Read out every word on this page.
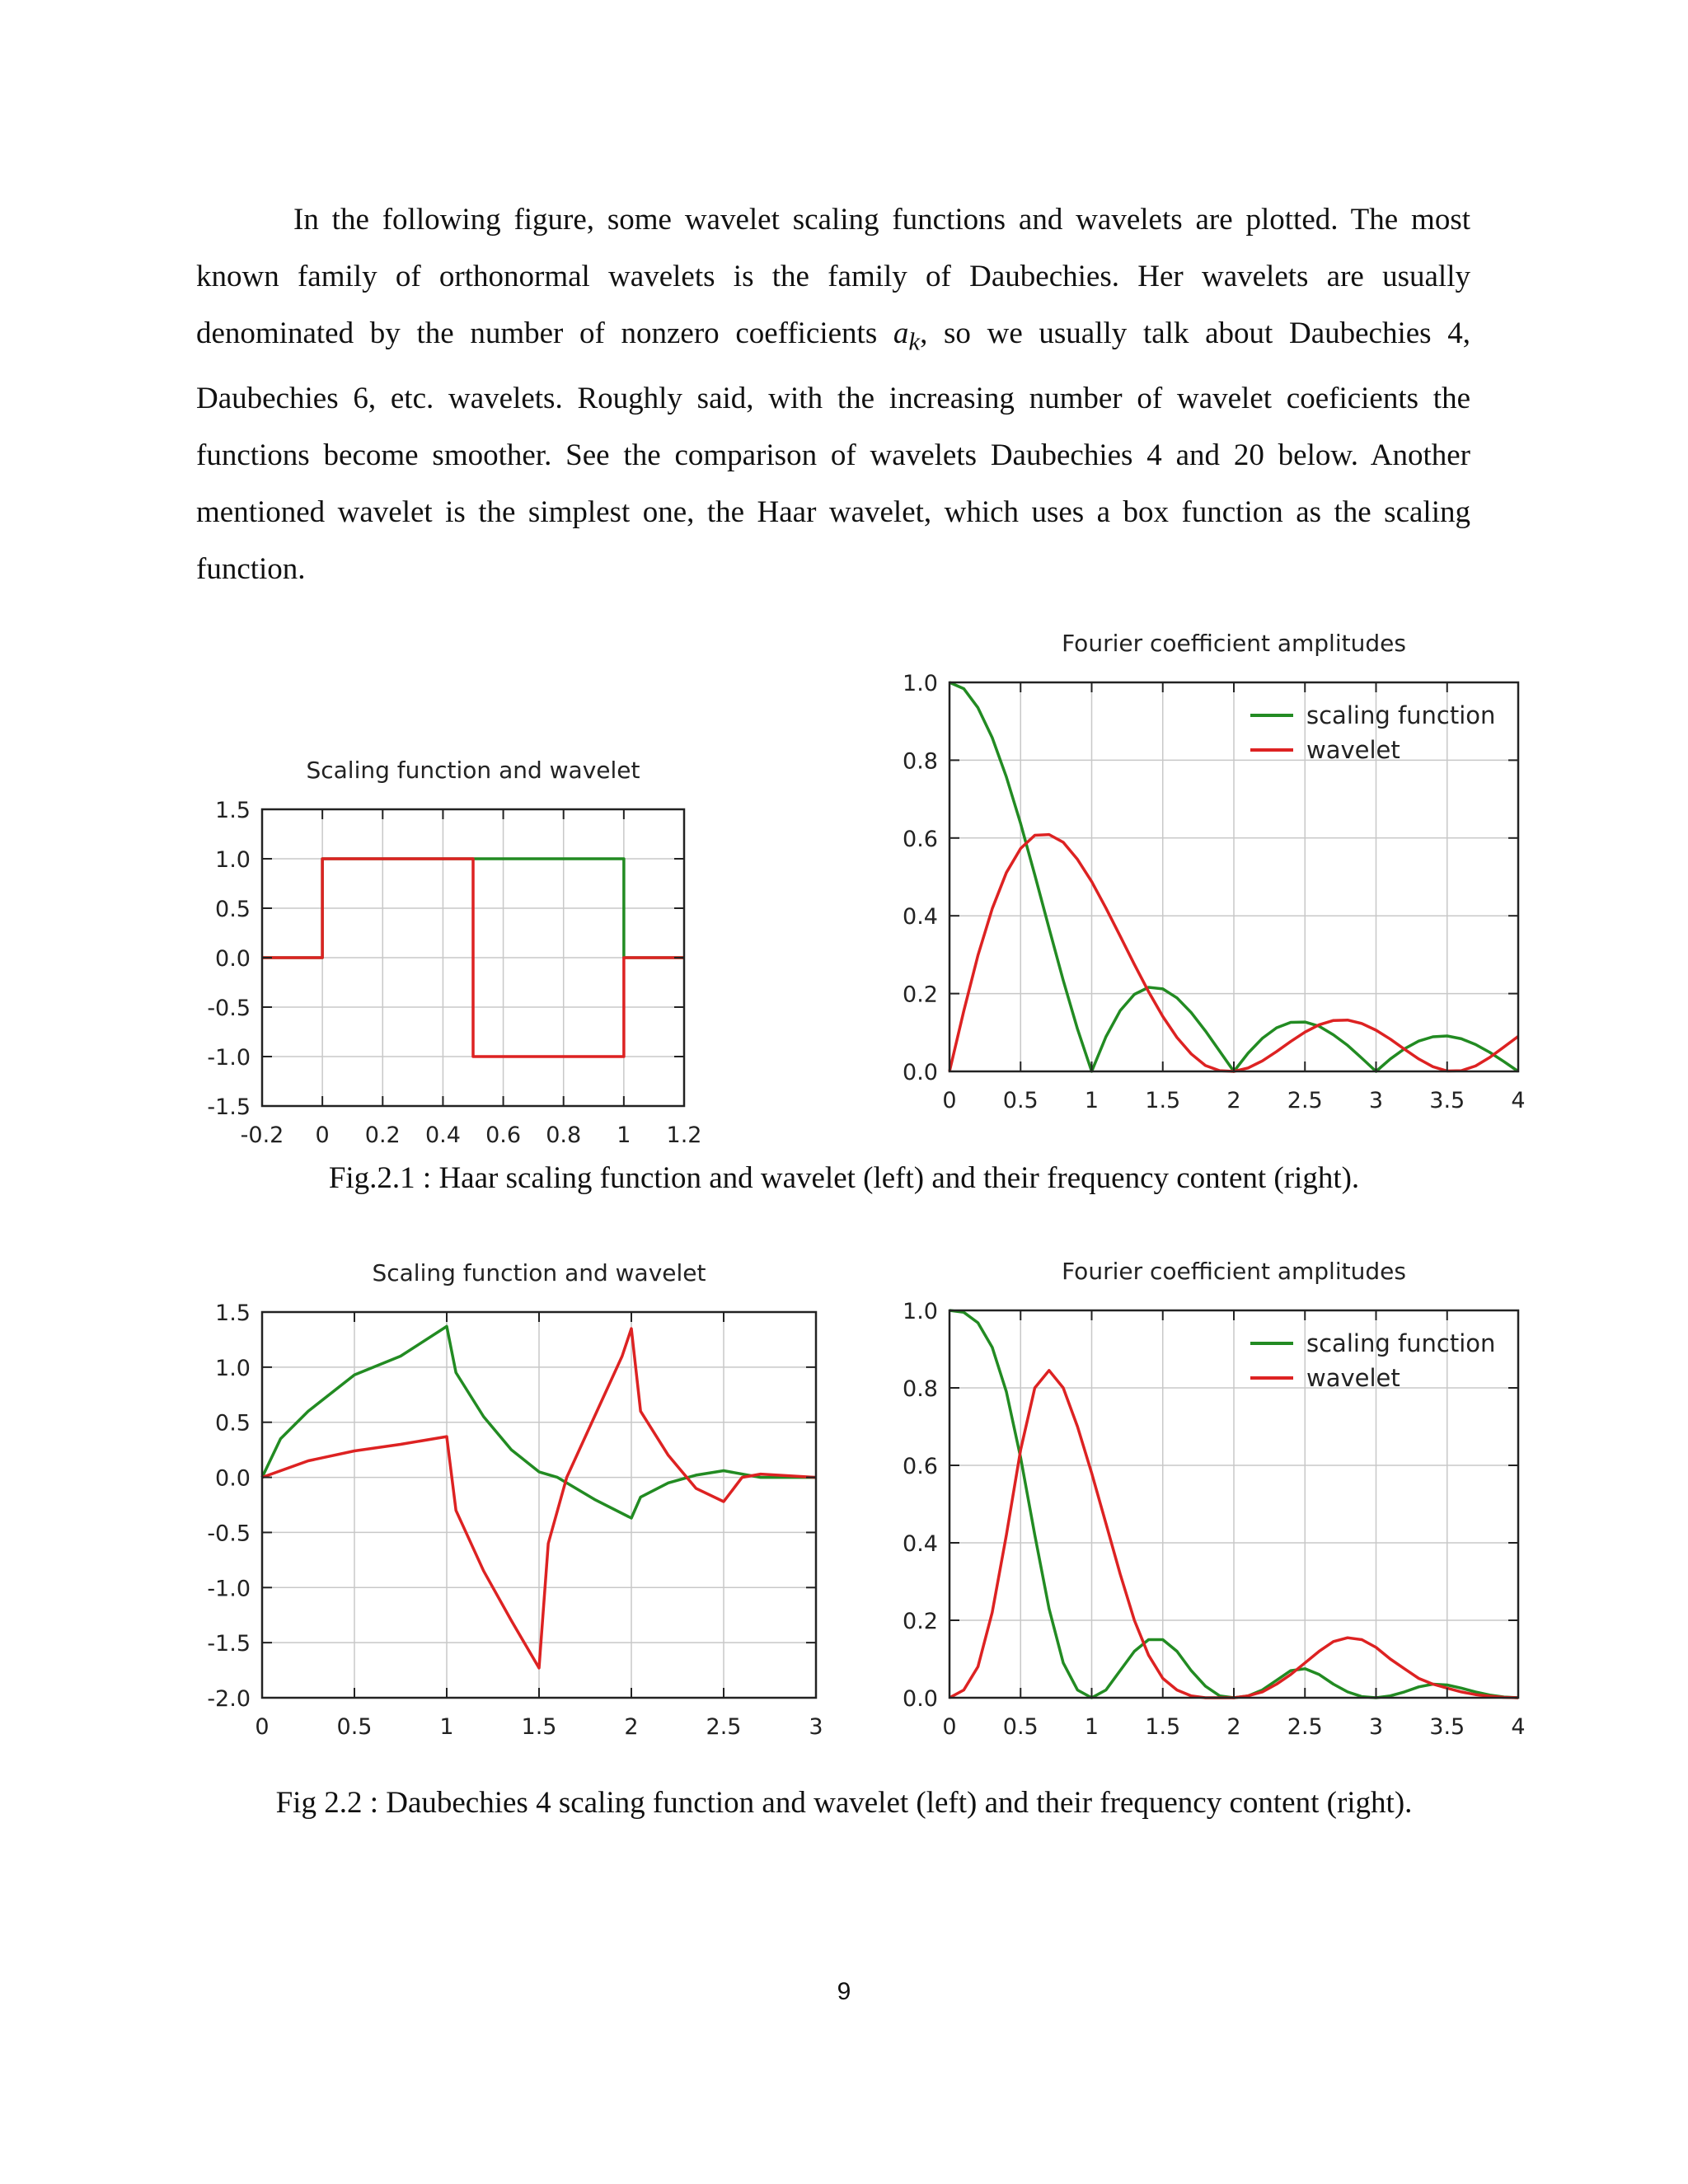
In the following figure, some wavelet scaling functions and wavelets are plotted. The most known family of orthonormal wavelets is the family of Daubechies. Her wavelets are usually denominated by the number of nonzero coefficients $a_k$, so we usually talk about Daubechies 4, Daubechies 6, etc. wavelets. Roughly said, with the increasing number of wavelet coeficients the functions become smoother. See the comparison of wavelets Daubechies 4 and 20 below. Another mentioned wavelet is the simplest one, the Haar wavelet, which uses a box function as the scaling function.

Scaling function and wavelet
-0.2 0 0.2 0.4 0.6 0.8 1 1.2
-1.5
-1.0
-0.5
0.0
0.5
1.0
1.5
Fourier coefficient amplitudes
0 0.5 1 1.5 2 2.5 3 3.5 4
0.0
0.2
0.4
0.6
0.8
1.0
scaling function
wavelet

Fig.2.1 : Haar scaling function and wavelet (left) and their frequency content (right).

Scaling function and wavelet
0	0.5	1	1.5	2	2.5	3
-2.0
-1.5
-1.0
-0.5
0.0
0.5
1.0
1.5
Fourier coefficient amplitudes
0 0.5 1 1.5 2 2.5 3 3.5 4
0.0
0.2
0.4
0.6
0.8
1.0
scaling function
wavelet

Fig 2.2 : Daubechies 4 scaling function and wavelet (left) and their frequency content (right).

9
